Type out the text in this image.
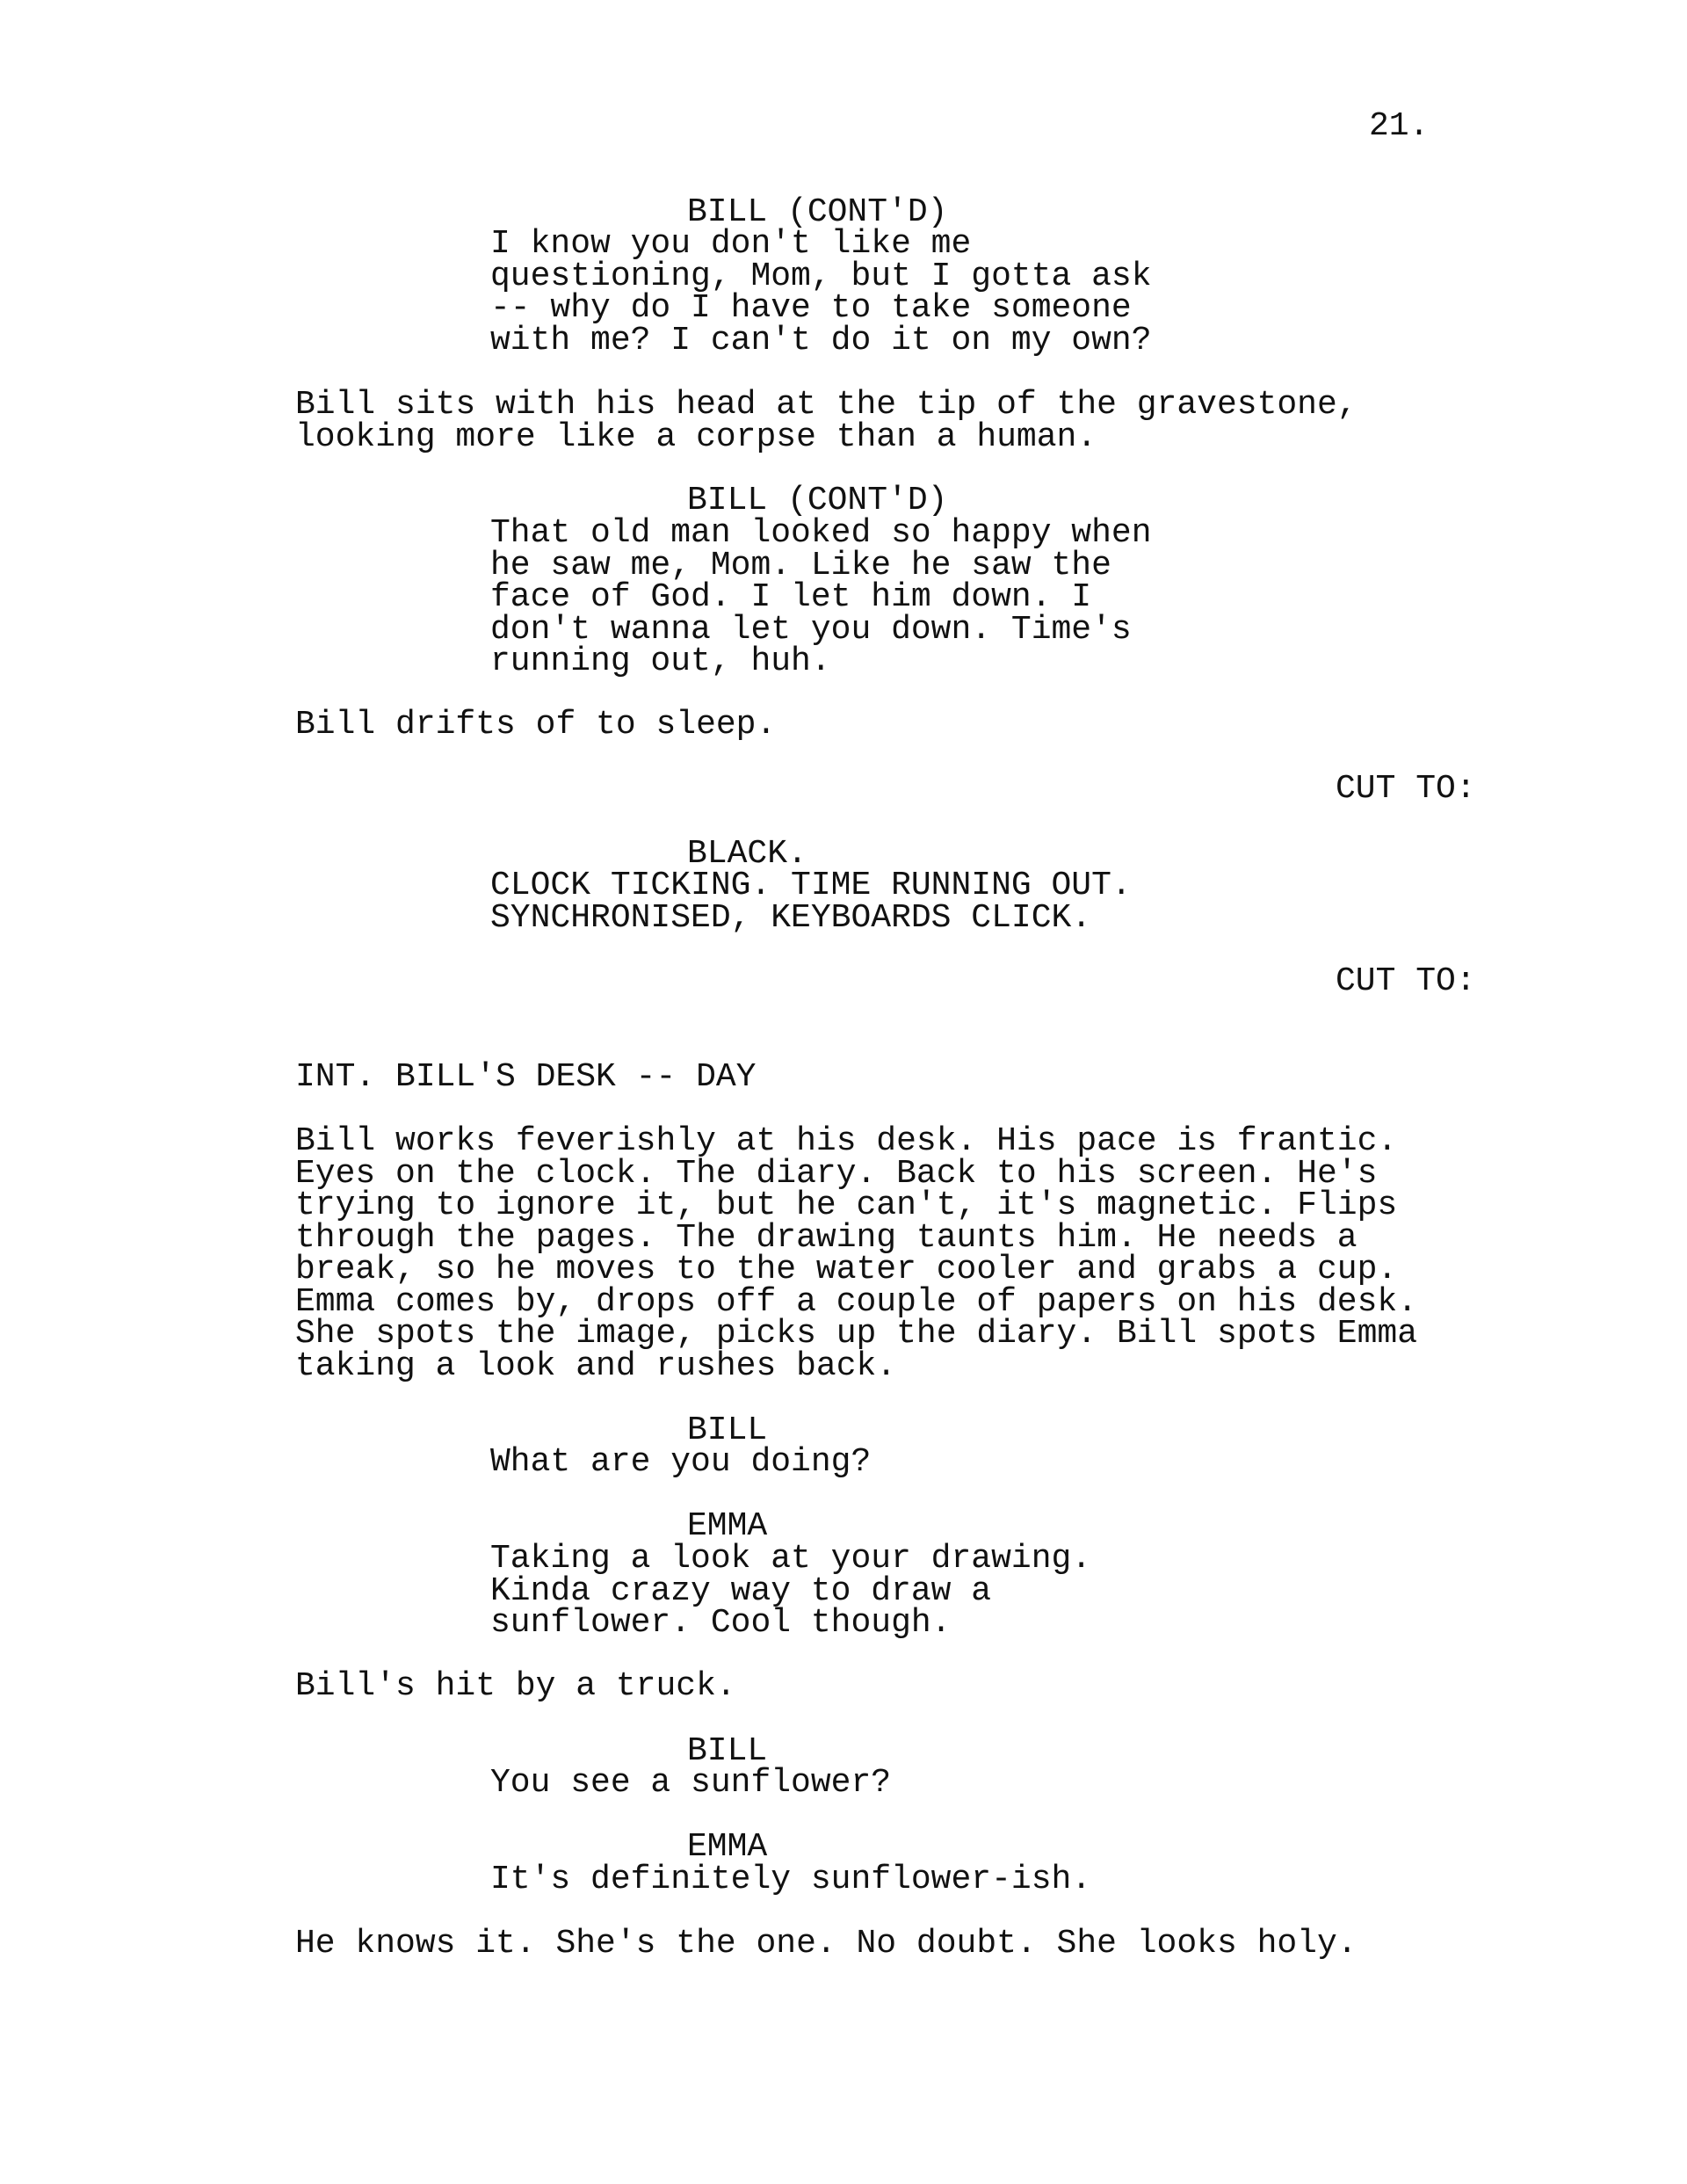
21.

BILL (CONT'D)

I know you don't like me
questioning, Mom, but I gotta ask
-- why do I have to take someone
with me? I can't do it on my own?

Bill sits with his head at the tip of the gravestone,
looking more like a corpse than a human.

BILL (CONT'D)

That old man looked so happy when
he saw me, Mom. Like he saw the
face of God. I let him down. I
don't wanna let you down. Time's
running out, huh.

Bill drifts of to sleep.

CUT TO:

BLACK.

CLOCK TICKING. TIME RUNNING OUT.
SYNCHRONISED, KEYBOARDS CLICK.

CUT TO:

INT. BILL'S DESK -- DAY

Bill works feverishly at his desk. His pace is frantic.
Eyes on the clock. The diary. Back to his screen. He's
trying to ignore it, but he can't, it's magnetic. Flips
through the pages. The drawing taunts him. He needs a
break, so he moves to the water cooler and grabs a cup.
Emma comes by, drops off a couple of papers on his desk.
She spots the image, picks up the diary. Bill spots Emma
taking a look and rushes back.

BILL

What are you doing?

EMMA

Taking a look at your drawing.
Kinda crazy way to draw a
sunflower. Cool though.

Bill's hit by a truck.

BILL

You see a sunflower?

EMMA

It's definitely sunflower-ish.

He knows it. She's the one. No doubt. She looks holy.
